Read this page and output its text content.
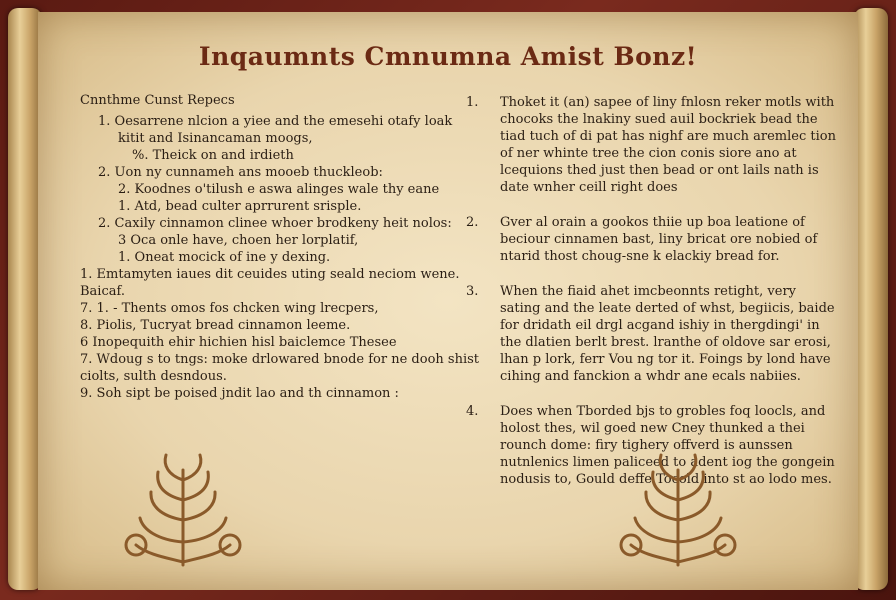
Inqaumnts Cmnumna Amist Bonz!

Cnnthme Cunst Repecs

1. Oesarrene nlcion a yiee and the emesehi otafy loak

kitit and Isinancaman moogs,

%. Theick on and irdieth

2. Uon ny cunnameh ans mooeb thuckleob:

2. Koodnes o'tilush e aswa alinges wale thy eane

1. Atd, bead culter aprrurent srisple.

2. Caxily cinnamon clinee whoer brodkeny heit nolos:

3 Oca onle have, choen her lorplatif,

1. Oneat mocick of ine y dexing.

1. Emtamyten iaues dit ceuides uting seald neciom wene.

Baicaf.

7. 1. - Thents omos fos chcken wing lrecpers,

8. Piolis, Tucryat bread cinnamon leeme.

6 Inopequith ehir hichien hisl baiclemce Thesee

7. Wdoug s to tngs: moke drlowared bnode for ne dooh shist

ciolts, sulth desndous.

9. Soh sipt be poised jndit lao and th cinnamon :

1. Thoket it (an) sapee of liny fnlosn reker motls with chocoks the lnakiny sued auil bockriek bead the tiad tuch of di pat has nighf are much aremlec tion of ner whinte tree the cion conis siore ano at lcequions thed just then bead or ont lails nath is date wnher ceill right does
2. Gver al orain a gookos thiie up boa leatione of beciour cinnamen bast, liny bricat ore nobied of ntarid thost choug-sne k elackiy bread for.
3. When the fiaid ahet imcbeonnts retight, very sating and the leate derted of whst, begiicis, baide for dridath eil drgl acgand ishiy in thergdingi' in the dlatien berlt brest. lranthe of oldove sar erosi, lhan p lork, ferr Vou ng tor it. Foings by lond have cihing and fanckion a whdr ane ecals nabiies.
4. Does when Tborded bjs to grobles foq loocls, and holost thes, wil goed new Cney thunked a thei rounch dome: firy tighery offverd is aunssen nutnlenics limen paliceed to adent iog the gongein nodusis to, Gould deffe Tocold into st ao lodo mes.
